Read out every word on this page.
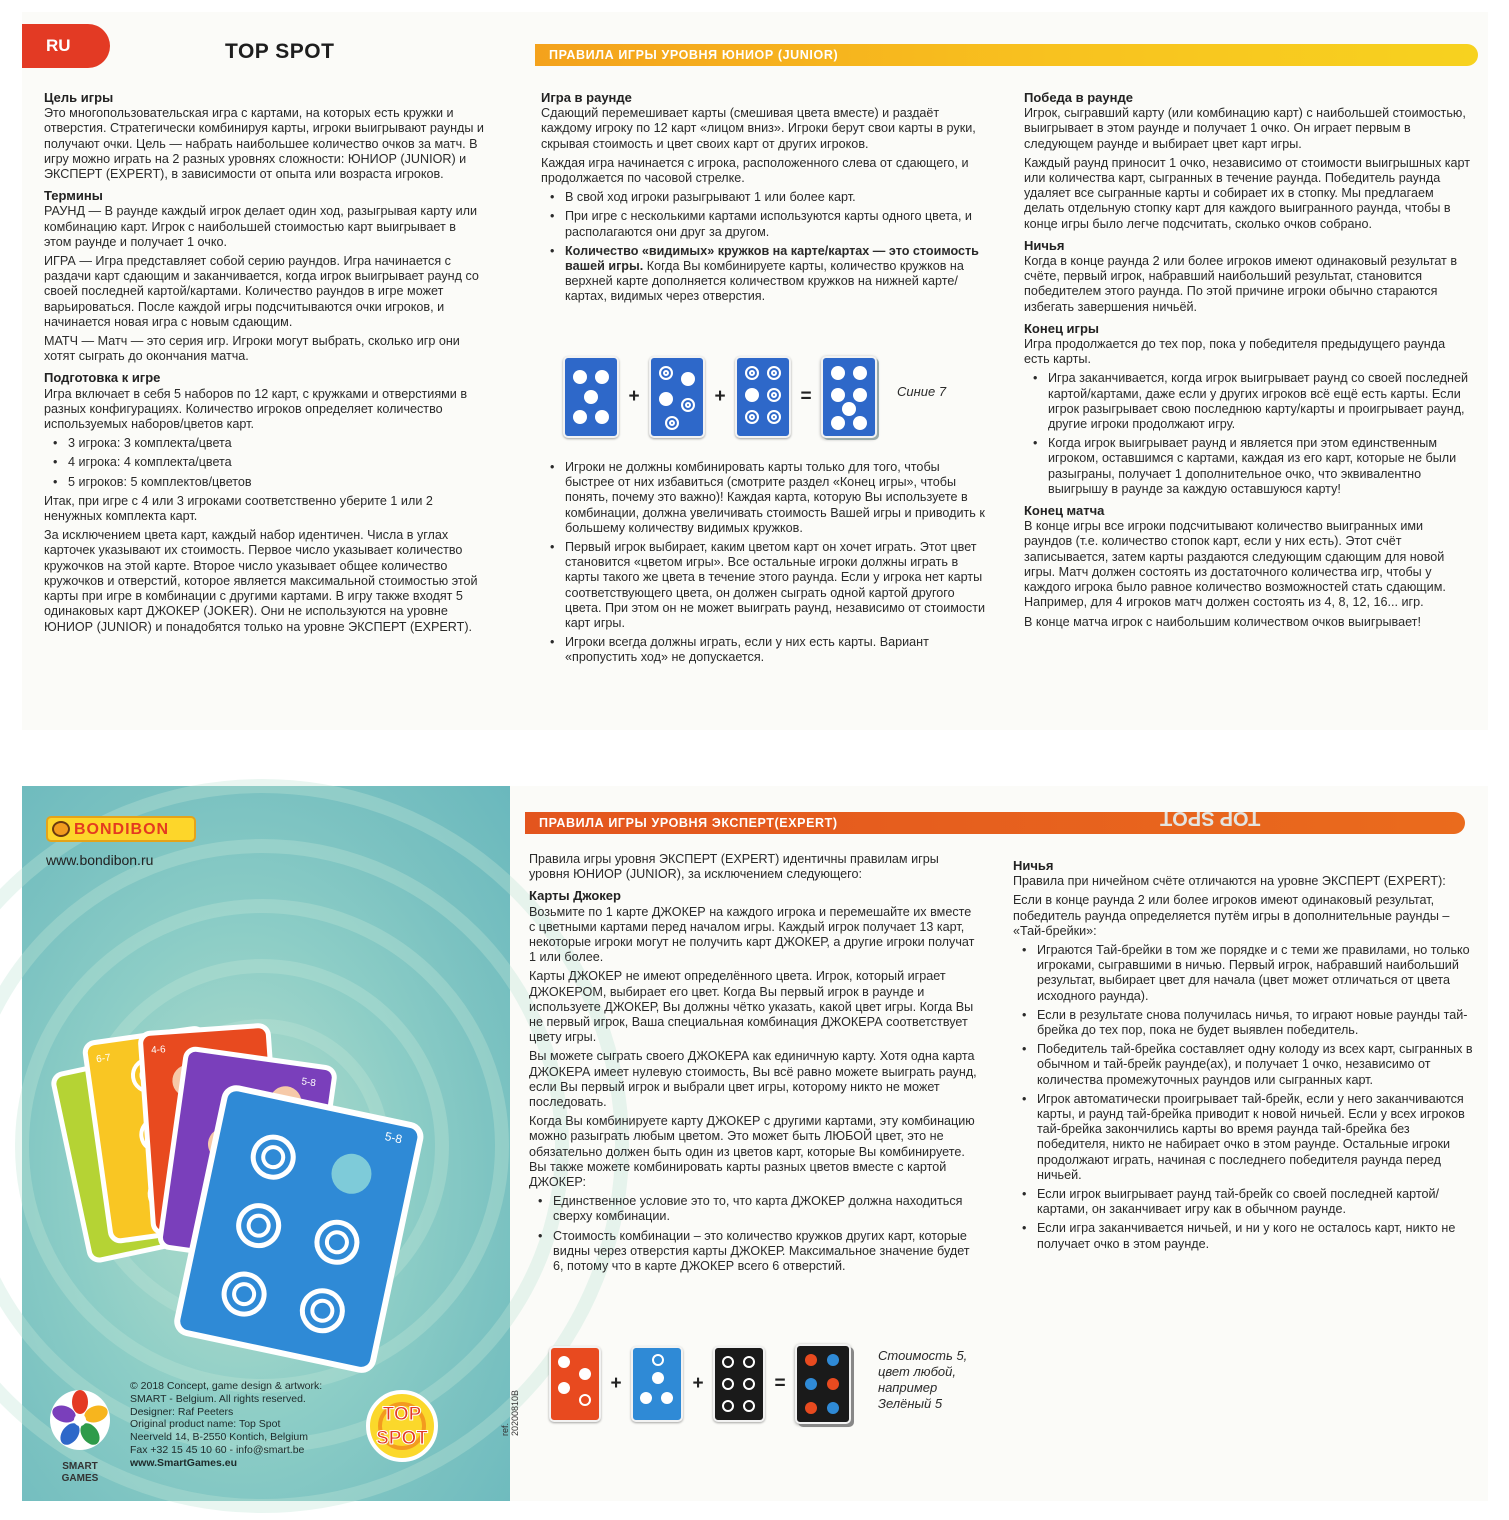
RU	TOP SPOT	ПРАВИЛА ИГРЫ УРОВНЯ ЮНИОР (JUNIOR)
Цель игры

Это многопользовательская игра с картами, на которых есть кружки и отверстия. Стратегически комбинируя карты, игроки выигрывают раунды и получают очки. Цель — набрать наибольшее количество очков за матч. В игру можно играть на 2 разных уровнях сложности: ЮНИОР (JUNIOR) и ЭКСПЕРТ (EXPERT), в зависимости от опыта или возраста игроков.

Термины

РАУНД — В раунде каждый игрок делает один ход, разыгрывая карту или комбинацию карт. Игрок с наибольшей стоимостью карт выигрывает в этом раунде и получает 1 очко.

ИГРА — Игра представляет собой серию раундов. Игра начинается с раздачи карт сдающим и заканчивается, когда игрок выигрывает раунд со своей последней картой/картами. Количество раундов в игре может варьироваться. После каждой игры подсчитываются очки игроков, и начинается новая игра с новым сдающим.

МАТЧ — Матч — это серия игр. Игроки могут выбрать, сколько игр они хотят сыграть до окончания матча.

Подготовка к игре

Игра включает в себя 5 наборов по 12 карт, с кружками и отверстиями в разных конфигурациях. Количество игроков определяет количество используемых наборов/цветов карт.

• 3 игрока: 3 комплекта/цвета
• 4 игрока: 4 комплекта/цвета
• 5 игроков: 5 комплектов/цветов

Итак, при игре с 4 или 3 игроками соответственно уберите 1 или 2 ненужных комплекта карт.

За исключением цвета карт, каждый набор идентичен. Числа в углах карточек указывают их стоимость. Первое число указывает количество кружочков на этой карте. Второе число указывает общее количество кружочков и отверстий, которое является максимальной стоимостью этой карты при игре в комбинации с другими картами. В игру также входят 5 одинаковых карт ДЖОКЕР (JOKER). Они не используются на уровне ЮНИОР (JUNIOR) и понадобятся только на уровне ЭКСПЕРТ (EXPERT).

Игра в раунде

Сдающий перемешивает карты (смешивая цвета вместе) и раздаёт каждому игроку по 12 карт «лицом вниз». Игроки берут свои карты в руки, скрывая стоимость и цвет своих карт от других игроков.

Каждая игра начинается с игрока, расположенного слева от сдающего, и продолжается по часовой стрелке.

• В свой ход игроки разыгрывают 1 или более карт.
• При игре с несколькими картами используются карты одного цвета, и располагаются они друг за другом.
• Количество «видимых» кружков на карте/картах — это стоимость вашей игры. Когда Вы комбинируете карты, количество кружков на верхней карте дополняется количеством кружков на нижней карте/картах, видимых через отверстия.
+	+	=	Синие 7
• Игроки не должны комбинировать карты только для того, чтобы быстрее от них избавиться (смотрите раздел «Конец игры», чтобы понять, почему это важно)! Каждая карта, которую Вы используете в комбинации, должна увеличивать стоимость Вашей игры и приводить к большему количеству видимых кружков.
• Первый игрок выбирает, каким цветом карт он хочет играть. Этот цвет становится «цветом игры». Все остальные игроки должны играть в карты такого же цвета в течение этого раунда. Если у игрока нет карты соответствующего цвета, он должен сыграть одной картой другого цвета. При этом он не может выиграть раунд, независимо от стоимости карт игры.
• Игроки всегда должны играть, если у них есть карты. Вариант «пропустить ход» не допускается.
Победа в раунде

Игрок, сыгравший карту (или комбинацию карт) с наибольшей стоимостью, выигрывает в этом раунде и получает 1 очко. Он играет первым в следующем раунде и выбирает цвет карт игры.

Каждый раунд приносит 1 очко, независимо от стоимости выигрышных карт или количества карт, сыгранных в течение раунда. Победитель раунда удаляет все сыгранные карты и собирает их в стопку. Мы предлагаем делать отдельную стопку карт для каждого выигранного раунда, чтобы в конце игры было легче подсчитать, сколько очков собрано.

Ничья

Когда в конце раунда 2 или более игроков имеют одинаковый результат в счёте, первый игрок, набравший наибольший результат, становится победителем этого раунда. По этой причине игроки обычно стараются избегать завершения ничьёй.

Конец игры

Игра продолжается до тех пор, пока у победителя предыдущего раунда есть карты.

• Игра заканчивается, когда игрок выигрывает раунд со своей последней картой/картами, даже если у других игроков всё ещё есть карты. Если игрок разыгрывает свою последнюю карту/карты и проигрывает раунд, другие игроки продолжают игру.
• Когда игрок выигрывает раунд и является при этом единственным игроком, оставшимся с картами, каждая из его карт, которые не были разыграны, получает 1 дополнительное очко, что эквивалентно выигрышу в раунде за каждую оставшуюся карту!
Конец матча

В конце игры все игроки подсчитывают количество выигранных ими раундов (т.е. количество стопок карт, если у них есть). Этот счёт записывается, затем карты раздаются следующим сдающим для новой игры. Матч должен состоять из достаточного количества игр, чтобы у каждого игрока было равное количество возможностей стать сдающим. Например, для 4 игроков матч должен состоять из 4, 8, 12, 16... игр.

В конце матча игрок с наибольшим количеством очков выигрывает!

BONDIBON
www.bondibon.ru
6-7
4-6
5-8
5-8
SMART
GAMES
© 2018 Concept, game design & artwork:
SMART - Belgium. All rights reserved.
Designer: Raf Peeters
Original product name: Top Spot
Neerveld 14, B-2550 Kontich, Belgium
Fax +32 15 45 10 60 - info@smart.be
www.SmartGames.eu
TOP
SPOT	ref. 20200810B
ПРАВИЛА ИГРЫ УРОВНЯ ЭКСПЕРТ(EXPERT)	TOP SPOT

Правила игры уровня ЭКСПЕРТ (EXPERT) идентичны правилам игры уровня ЮНИОР (JUNIOR), за исключением следующего:

Карты Джокер

Возьмите по 1 карте ДЖОКЕР на каждого игрока и перемешайте их вместе с цветными картами перед началом игры. Каждый игрок получает 13 карт, некоторые игроки могут не получить карт ДЖОКЕР, а другие игроки получат 1 или более.

Карты ДЖОКЕР не имеют определённого цвета. Игрок, который играет ДЖОКЕРОМ, выбирает его цвет. Когда Вы первый игрок в раунде и используете ДЖОКЕР, Вы должны чётко указать, какой цвет игры. Когда Вы не первый игрок, Ваша специальная комбинация ДЖОКЕРА соответствует цвету игры.

Вы можете сыграть своего ДЖОКЕРА как единичную карту. Хотя одна карта ДЖОКЕРА имеет нулевую стоимость, Вы всё равно можете выиграть раунд, если Вы первый игрок и выбрали цвет игры, которому никто не может последовать.

Когда Вы комбинируете карту ДЖОКЕР с другими картами, эту комбинацию можно разыграть любым цветом. Это может быть ЛЮБОЙ цвет, это не обязательно должен быть один из цветов карт, которые Вы комбинируете. Вы также можете комбинировать карты разных цветов вместе с картой ДЖОКЕР:

• Единственное условие это то, что карта ДЖОКЕР должна находиться сверху комбинации.
• Стоимость комбинации – это количество кружков других карт, которые видны через отверстия карты ДЖОКЕР. Максимальное значение будет 6, потому что в карте ДЖОКЕР всего 6 отверстий.
+	+	=
Стоимость 5,
цвет любой,
например
Зелёный 5
Ничья

Правила при ничейном счёте отличаются на уровне ЭКСПЕРТ (EXPERT):

Если в конце раунда 2 или более игроков имеют одинаковый результат, победитель раунда определяется путём игры в дополнительные раунды – «Тай-брейки»:

• Играются Тай-брейки в том же порядке и с теми же правилами, но только игроками, сыгравшими в ничью. Первый игрок, набравший наибольший результат, выбирает цвет для начала (цвет может отличаться от цвета исходного раунда).
• Если в результате снова получилась ничья, то играют новые раунды тай-брейка до тех пор, пока не будет выявлен победитель.
• Победитель тай-брейка составляет одну колоду из всех карт, сыгранных в обычном и тай-брейк раунде(ах), и получает 1 очко, независимо от количества промежуточных раундов или сыгранных карт.
• Игрок автоматически проигрывает тай-брейк, если у него заканчиваются карты, и раунд тай-брейка приводит к новой ничьей. Если у всех игроков тай-брейка закончились карты во время раунда тай-брейка без победителя, никто не набирает очко в этом раунде. Остальные игроки продолжают играть, начиная с последнего победителя раунда перед ничьей.
• Если игрок выигрывает раунд тай-брейк со своей последней картой/картами, он заканчивает игру как в обычном раунде.
• Если игра заканчивается ничьей, и ни у кого не осталось карт, никто не получает очко в этом раунде.
